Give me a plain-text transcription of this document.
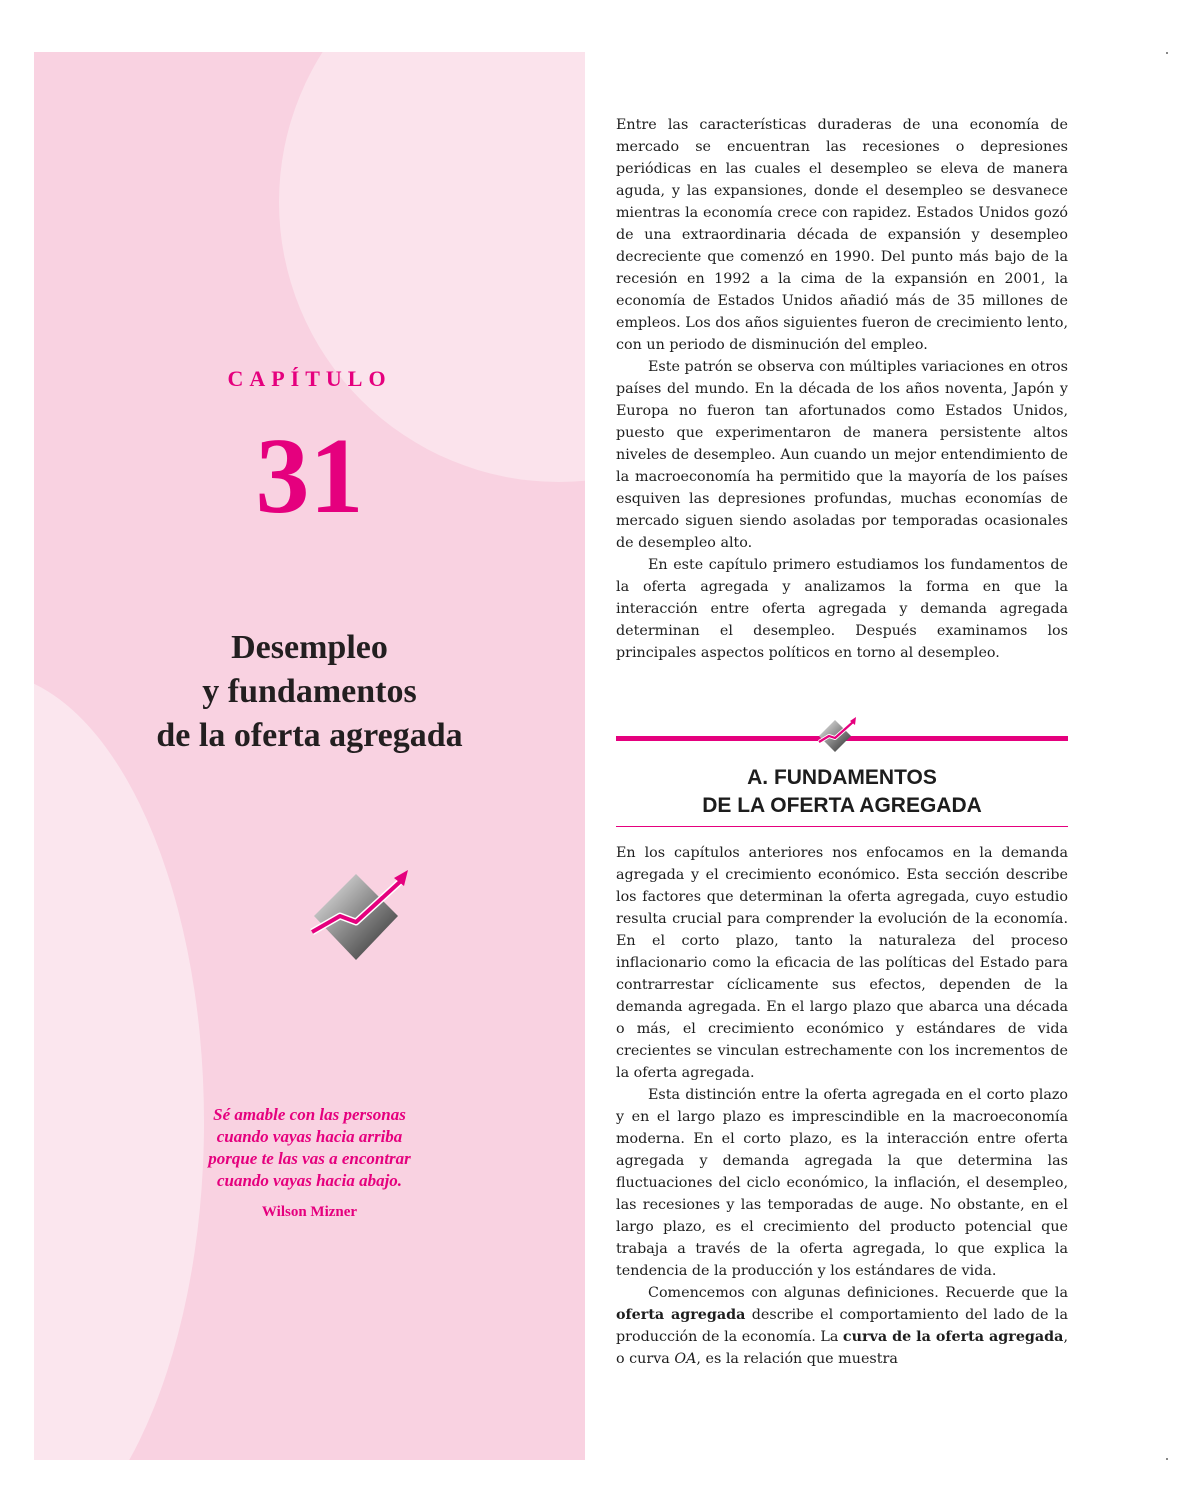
CAPÍTULO
31
Desempleo
y fundamentos
de la oferta agregada
Sé amable con las personas
cuando vayas hacia arriba
porque te las vas a encontrar
cuando vayas hacia abajo.
Wilson Mizner

Entre las características duraderas de una economía de mercado se encuentran las recesiones o depresiones periódicas en las cuales el desempleo se eleva de manera aguda, y las expansiones, donde el desempleo se desvanece mientras la economía crece con rapidez. Estados Unidos gozó de una extraordinaria década de expansión y desempleo decreciente que comenzó en 1990. Del punto más bajo de la recesión en 1992 a la cima de la expansión en 2001, la economía de Estados Unidos añadió más de 35 millones de empleos. Los dos años siguientes fueron de crecimiento lento, con un periodo de disminución del empleo.

Este patrón se observa con múltiples variaciones en otros países del mundo. En la década de los años noventa, Japón y Europa no fueron tan afortunados como Estados Unidos, puesto que experimentaron de manera persistente altos niveles de desempleo. Aun cuando un mejor entendimiento de la macroeconomía ha permitido que la mayoría de los países esquiven las depresiones profundas, muchas economías de mercado siguen siendo asoladas por temporadas ocasionales de desempleo alto.

En este capítulo primero estudiamos los fundamentos de la oferta agregada y analizamos la forma en que la interacción entre oferta agregada y demanda agregada determinan el desempleo. Después examinamos los principales aspectos políticos en torno al desempleo.

A. FUNDAMENTOS
DE LA OFERTA AGREGADA

En los capítulos anteriores nos enfocamos en la demanda agregada y el crecimiento económico. Esta sección describe los factores que determinan la oferta agregada, cuyo estudio resulta crucial para comprender la evolución de la economía. En el corto plazo, tanto la naturaleza del proceso inflacionario como la eficacia de las políticas del Estado para contrarrestar cíclicamente sus efectos, dependen de la demanda agregada. En el largo plazo que abarca una década o más, el crecimiento económico y estándares de vida crecientes se vinculan estrechamente con los incrementos de la oferta agregada.

Esta distinción entre la oferta agregada en el corto plazo y en el largo plazo es imprescindible en la macroeconomía moderna. En el corto plazo, es la interacción entre oferta agregada y demanda agregada la que determina las fluctuaciones del ciclo económico, la inflación, el desempleo, las recesiones y las temporadas de auge. No obstante, en el largo plazo, es el crecimiento del producto potencial que trabaja a través de la oferta agregada, lo que explica la tendencia de la producción y los estándares de vida.

Comencemos con algunas definiciones. Recuerde que la oferta agregada describe el comportamiento del lado de la producción de la economía. La curva de la oferta agregada, o curva OA, es la relación que muestra
